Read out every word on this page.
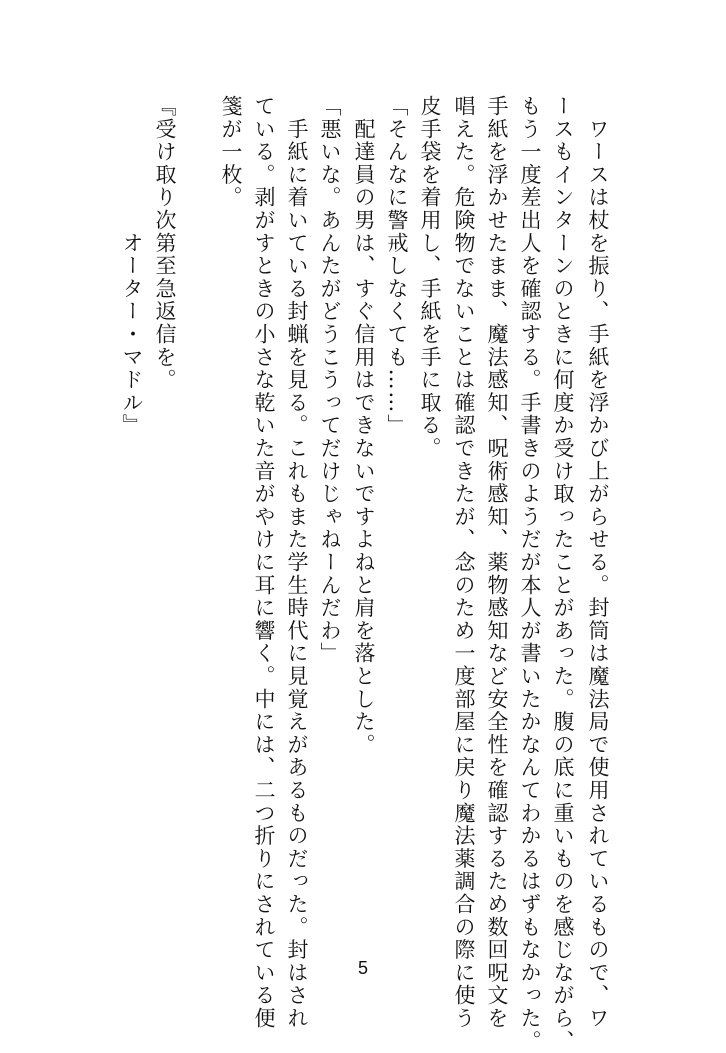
　ワースは杖を振り、手紙を浮かび上がらせる。封筒は魔法局で使用されているもので、ワ
ースもインターンのときに何度か受け取ったことがあった。腹の底に重いものを感じながら、
もう一度差出人を確認する。手書きのようだが本人が書いたかなんてわかるはずもなかった。
手紙を浮かせたまま、魔法感知、呪術感知、薬物感知など安全性を確認するため数回呪文を
唱えた。危険物でないことは確認できたが、念のため一度部屋に戻り魔法薬調合の際に使う
皮手袋を着用し、手紙を手に取る。
「そんなに警戒しなくても……」
　配達員の男は、すぐ信用はできないですよねと肩を落とした。
「悪いな。あんたがどうこうってだけじゃねーんだわ」
　手紙に着いている封蝋を見る。これもまた学生時代に見覚えがあるものだった。封はされ
ている。剥がすときの小さな乾いた音がやけに耳に響く。中には、二つ折りにされている便
箋が一枚。
『受け取り次第至急返信を。
　　　　　　オーター・マドル』
5
